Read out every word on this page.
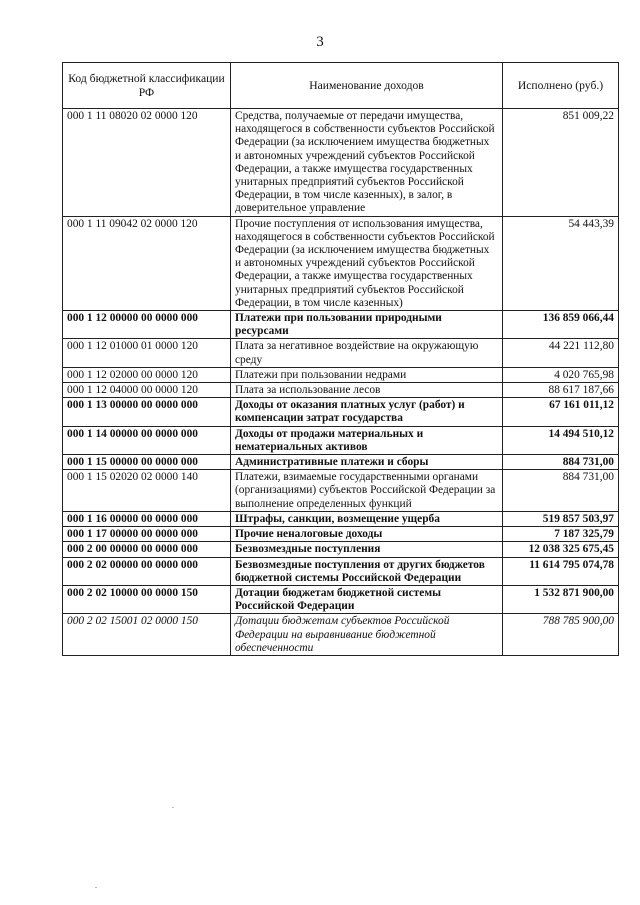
3
Код бюджетной классификации РФ	Наименование доходов	Исполнено (руб.)
000 1 11 08020 02 0000 120	Средства, получаемые от передачи имущества, находящегося в собственности субъектов Российской Федерации (за исключением имущества бюджетных и автономных учреждений субъектов Российской Федерации, а также имущества государственных унитарных предприятий субъектов Российской Федерации, в том числе казенных), в залог, в доверительное управление	851 009,22
000 1 11 09042 02 0000 120	Прочие поступления от использования имущества, находящегося в собственности субъектов Российской Федерации (за исключением имущества бюджетных и автономных учреждений субъектов Российской Федерации, а также имущества государственных унитарных предприятий субъектов Российской Федерации, в том числе казенных)	54 443,39
000 1 12 00000 00 0000 000	Платежи при пользовании природными ресурсами	136 859 066,44
000 1 12 01000 01 0000 120	Плата за негативное воздействие на окружающую среду	44 221 112,80
000 1 12 02000 00 0000 120	Платежи при пользовании недрами	4 020 765,98
000 1 12 04000 00 0000 120	Плата за использование лесов	88 617 187,66
000 1 13 00000 00 0000 000	Доходы от оказания платных услуг (работ) и компенсации затрат государства	67 161 011,12
000 1 14 00000 00 0000 000	Доходы от продажи материальных и нематериальных активов	14 494 510,12
000 1 15 00000 00 0000 000	Административные платежи и сборы	884 731,00
000 1 15 02020 02 0000 140	Платежи, взимаемые государственными органами (организациями) субъектов Российской Федерации за выполнение определенных функций	884 731,00
000 1 16 00000 00 0000 000	Штрафы, санкции, возмещение ущерба	519 857 503,97
000 1 17 00000 00 0000 000	Прочие неналоговые доходы	7 187 325,79
000 2 00 00000 00 0000 000	Безвозмездные поступления	12 038 325 675,45
000 2 02 00000 00 0000 000	Безвозмездные поступления от других бюджетов бюджетной системы Российской Федерации	11 614 795 074,78
000 2 02 10000 00 0000 150	Дотации бюджетам бюджетной системы Российской Федерации	1 532 871 900,00
000 2 02 15001 02 0000 150	Дотации бюджетам субъектов Российской Федерации на выравнивание бюджетной обеспеченности	788 785 900,00
